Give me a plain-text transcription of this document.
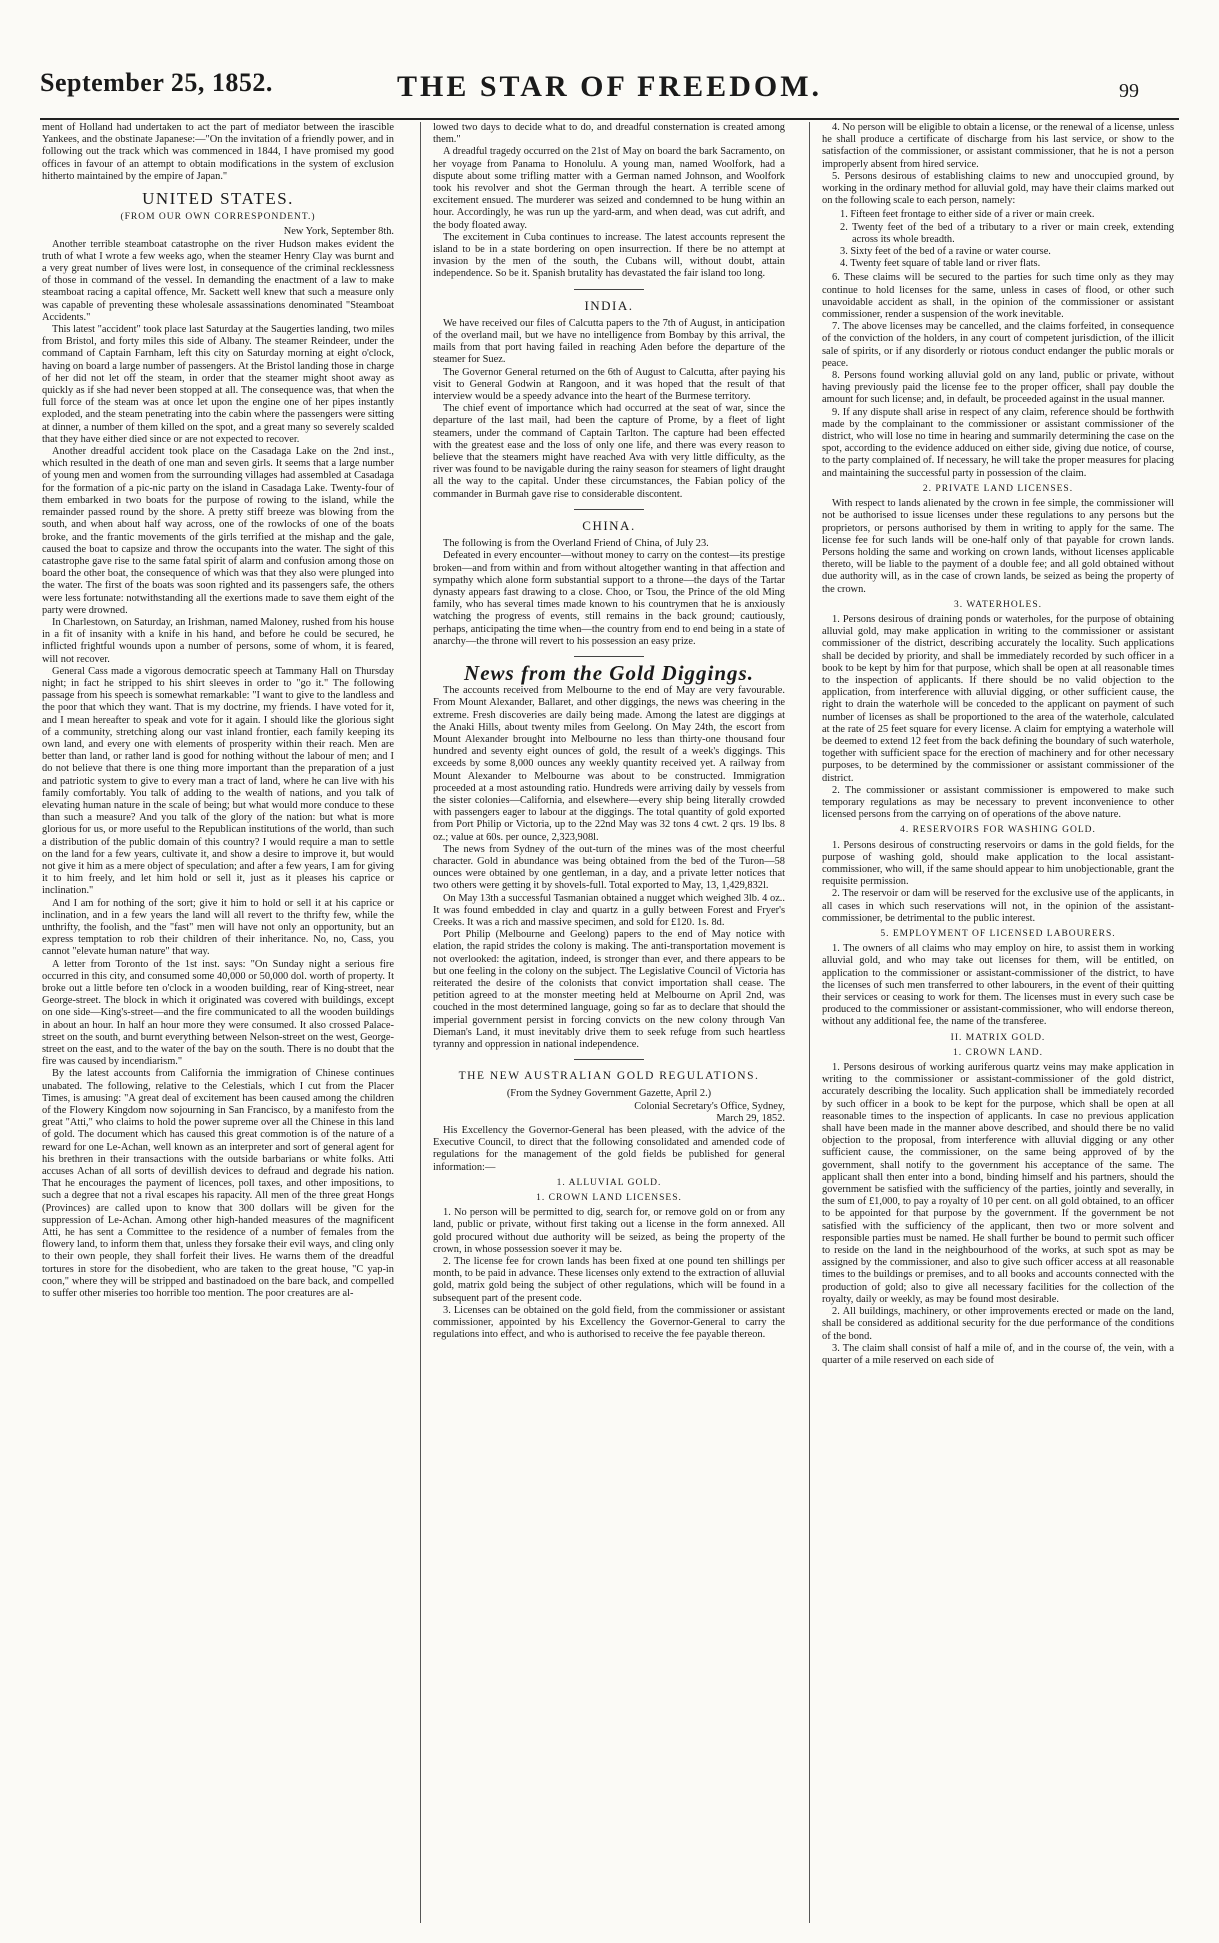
September 25, 1852.	THE STAR OF FREEDOM.	99

ment of Holland had undertaken to act the part of mediator between the irascible Yankees, and the obstinate Japanese:—"On the invitation of a friendly power, and in following out the track which was commenced in 1844, I have promised my good offices in favour of an attempt to obtain modifications in the system of exclusion hitherto maintained by the empire of Japan."

UNITED STATES.
(FROM OUR OWN CORRESPONDENT.)

New York, September 8th.

Another terrible steamboat catastrophe on the river Hudson makes evident the truth of what I wrote a few weeks ago, when the steamer Henry Clay was burnt and a very great number of lives were lost, in consequence of the criminal recklessness of those in command of the vessel. In demanding the enactment of a law to make steamboat racing a capital offence, Mr. Sackett well knew that such a measure only was capable of preventing these wholesale assassinations denominated "Steamboat Accidents."

This latest "accident" took place last Saturday at the Saugerties landing, two miles from Bristol, and forty miles this side of Albany. The steamer Reindeer, under the command of Captain Farnham, left this city on Saturday morning at eight o'clock, having on board a large number of passengers. At the Bristol landing those in charge of her did not let off the steam, in order that the steamer might shoot away as quickly as if she had never been stopped at all. The consequence was, that when the full force of the steam was at once let upon the engine one of her pipes instantly exploded, and the steam penetrating into the cabin where the passengers were sitting at dinner, a number of them killed on the spot, and a great many so severely scalded that they have either died since or are not expected to recover.

Another dreadful accident took place on the Casadaga Lake on the 2nd inst., which resulted in the death of one man and seven girls. It seems that a large number of young men and women from the surrounding villages had assembled at Casadaga for the formation of a pic-nic party on the island in Casadaga Lake. Twenty-four of them embarked in two boats for the purpose of rowing to the island, while the remainder passed round by the shore. A pretty stiff breeze was blowing from the south, and when about half way across, one of the rowlocks of one of the boats broke, and the frantic movements of the girls terrified at the mishap and the gale, caused the boat to capsize and throw the occupants into the water. The sight of this catastrophe gave rise to the same fatal spirit of alarm and confusion among those on board the other boat, the consequence of which was that they also were plunged into the water. The first of the boats was soon righted and its passengers safe, the others were less fortunate: notwithstanding all the exertions made to save them eight of the party were drowned.

In Charlestown, on Saturday, an Irishman, named Maloney, rushed from his house in a fit of insanity with a knife in his hand, and before he could be secured, he inflicted frightful wounds upon a number of persons, some of whom, it is feared, will not recover.

General Cass made a vigorous democratic speech at Tammany Hall on Thursday night; in fact he stripped to his shirt sleeves in order to "go it." The following passage from his speech is somewhat remarkable: "I want to give to the landless and the poor that which they want. That is my doctrine, my friends. I have voted for it, and I mean hereafter to speak and vote for it again. I should like the glorious sight of a community, stretching along our vast inland frontier, each family keeping its own land, and every one with elements of prosperity within their reach. Men are better than land, or rather land is good for nothing without the labour of men; and I do not believe that there is one thing more important than the preparation of a just and patriotic system to give to every man a tract of land, where he can live with his family comfortably. You talk of adding to the wealth of nations, and you talk of elevating human nature in the scale of being; but what would more conduce to these than such a measure? And you talk of the glory of the nation: but what is more glorious for us, or more useful to the Republican institutions of the world, than such a distribution of the public domain of this country? I would require a man to settle on the land for a few years, cultivate it, and show a desire to improve it, but would not give it him as a mere object of speculation; and after a few years, I am for giving it to him freely, and let him hold or sell it, just as it pleases his caprice or inclination."

And I am for nothing of the sort; give it him to hold or sell it at his caprice or inclination, and in a few years the land will all revert to the thrifty few, while the unthrifty, the foolish, and the "fast" men will have not only an opportunity, but an express temptation to rob their children of their inheritance. No, no, Cass, you cannot "elevate human nature" that way.

A letter from Toronto of the 1st inst. says: "On Sunday night a serious fire occurred in this city, and consumed some 40,000 or 50,000 dol. worth of property. It broke out a little before ten o'clock in a wooden building, rear of King-street, near George-street. The block in which it originated was covered with buildings, except on one side—King's-street—and the fire communicated to all the wooden buildings in about an hour. In half an hour more they were consumed. It also crossed Palace-street on the south, and burnt everything between Nelson-street on the west, George-street on the east, and to the water of the bay on the south. There is no doubt that the fire was caused by incendiarism."

By the latest accounts from California the immigration of Chinese continues unabated. The following, relative to the Celestials, which I cut from the Placer Times, is amusing: "A great deal of excitement has been caused among the children of the Flowery Kingdom now sojourning in San Francisco, by a manifesto from the great "Atti," who claims to hold the power supreme over all the Chinese in this land of gold. The document which has caused this great commotion is of the nature of a reward for one Le-Achan, well known as an interpreter and sort of general agent for his brethren in their transactions with the outside barbarians or white folks. Atti accuses Achan of all sorts of devillish devices to defraud and degrade his nation. That he encourages the payment of licences, poll taxes, and other impositions, to such a degree that not a rival escapes his rapacity. All men of the three great Hongs (Provinces) are called upon to know that 300 dollars will be given for the suppression of Le-Achan. Among other high-handed measures of the magnificent Atti, he has sent a Committee to the residence of a number of females from the flowery land, to inform them that, unless they forsake their evil ways, and cling only to their own people, they shall forfeit their lives. He warns them of the dreadful tortures in store for the disobedient, who are taken to the great house, "C yap-in coon," where they will be stripped and bastinadoed on the bare back, and compelled to suffer other miseries too horrible too mention. The poor creatures are al-

lowed two days to decide what to do, and dreadful consternation is created among them."

A dreadful tragedy occurred on the 21st of May on board the bark Sacramento, on her voyage from Panama to Honolulu. A young man, named Woolfork, had a dispute about some trifling matter with a German named Johnson, and Woolfork took his revolver and shot the German through the heart. A terrible scene of excitement ensued. The murderer was seized and condemned to be hung within an hour. Accordingly, he was run up the yard-arm, and when dead, was cut adrift, and the body floated away.

The excitement in Cuba continues to increase. The latest accounts represent the island to be in a state bordering on open insurrection. If there be no attempt at invasion by the men of the south, the Cubans will, without doubt, attain independence. So be it. Spanish brutality has devastated the fair island too long.

INDIA.

We have received our files of Calcutta papers to the 7th of August, in anticipation of the overland mail, but we have no intelligence from Bombay by this arrival, the mails from that port having failed in reaching Aden before the departure of the steamer for Suez.

The Governor General returned on the 6th of August to Calcutta, after paying his visit to General Godwin at Rangoon, and it was hoped that the result of that interview would be a speedy advance into the heart of the Burmese territory.

The chief event of importance which had occurred at the seat of war, since the departure of the last mail, had been the capture of Prome, by a fleet of light steamers, under the command of Captain Tarlton. The capture had been effected with the greatest ease and the loss of only one life, and there was every reason to believe that the steamers might have reached Ava with very little difficulty, as the river was found to be navigable during the rainy season for steamers of light draught all the way to the capital. Under these circumstances, the Fabian policy of the commander in Burmah gave rise to considerable discontent.

CHINA.

The following is from the Overland Friend of China, of July 23.

Defeated in every encounter—without money to carry on the contest—its prestige broken—and from within and from without altogether wanting in that affection and sympathy which alone form substantial support to a throne—the days of the Tartar dynasty appears fast drawing to a close. Choo, or Tsou, the Prince of the old Ming family, who has several times made known to his countrymen that he is anxiously watching the progress of events, still remains in the back ground; cautiously, perhaps, anticipating the time when—the country from end to end being in a state of anarchy—the throne will revert to his possession an easy prize.

News from the Gold Diggings.

The accounts received from Melbourne to the end of May are very favourable. From Mount Alexander, Ballaret, and other diggings, the news was cheering in the extreme. Fresh discoveries are daily being made. Among the latest are diggings at the Anaki Hills, about twenty miles from Geelong. On May 24th, the escort from Mount Alexander brought into Melbourne no less than thirty-one thousand four hundred and seventy eight ounces of gold, the result of a week's diggings. This exceeds by some 8,000 ounces any weekly quantity received yet. A railway from Mount Alexander to Melbourne was about to be constructed. Immigration proceeded at a most astounding ratio. Hundreds were arriving daily by vessels from the sister colonies—California, and elsewhere—every ship being literally crowded with passengers eager to labour at the diggings. The total quantity of gold exported from Port Philip or Victoria, up to the 22nd May was 32 tons 4 cwt. 2 qrs. 19 lbs. 8 oz.; value at 60s. per ounce, 2,323,908l.

The news from Sydney of the out-turn of the mines was of the most cheerful character. Gold in abundance was being obtained from the bed of the Turon—58 ounces were obtained by one gentleman, in a day, and a private letter notices that two others were getting it by shovels-full. Total exported to May, 13, 1,429,832l.

On May 13th a successful Tasmanian obtained a nugget which weighed 3lb. 4 oz.. It was found embedded in clay and quartz in a gully between Forest and Fryer's Creeks. It was a rich and massive specimen, and sold for £120. 1s. 8d.

Port Philip (Melbourne and Geelong) papers to the end of May notice with elation, the rapid strides the colony is making. The anti-transportation movement is not overlooked: the agitation, indeed, is stronger than ever, and there appears to be but one feeling in the colony on the subject. The Legislative Council of Victoria has reiterated the desire of the colonists that convict importation shall cease. The petition agreed to at the monster meeting held at Melbourne on April 2nd, was couched in the most determined language, going so far as to declare that should the imperial government persist in forcing convicts on the new colony through Van Dieman's Land, it must inevitably drive them to seek refuge from such heartless tyranny and oppression in national independence.

THE NEW AUSTRALIAN GOLD REGULATIONS.

(From the Sydney Government Gazette, April 2.)

Colonial Secretary's Office, Sydney,

March 29, 1852.

His Excellency the Governor-General has been pleased, with the advice of the Executive Council, to direct that the following consolidated and amended code of regulations for the management of the gold fields be published for general information:—

1. ALLUVIAL GOLD.
1. CROWN LAND LICENSES.

1. No person will be permitted to dig, search for, or remove gold on or from any land, public or private, without first taking out a license in the form annexed. All gold procured without due authority will be seized, as being the property of the crown, in whose possession soever it may be.

2. The license fee for crown lands has been fixed at one pound ten shillings per month, to be paid in advance. These licenses only extend to the extraction of alluvial gold, matrix gold being the subject of other regulations, which will be found in a subsequent part of the present code.

3. Licenses can be obtained on the gold field, from the commissioner or assistant commissioner, appointed by his Excellency the Governor-General to carry the regulations into effect, and who is authorised to receive the fee payable thereon.

4. No person will be eligible to obtain a license, or the renewal of a license, unless he shall produce a certificate of discharge from his last service, or show to the satisfaction of the commissioner, or assistant commissioner, that he is not a person improperly absent from hired service.

5. Persons desirous of establishing claims to new and unoccupied ground, by working in the ordinary method for alluvial gold, may have their claims marked out on the following scale to each person, namely:

1. Fifteen feet frontage to either side of a river or main creek.
2. Twenty feet of the bed of a tributary to a river or main creek, extending across its whole breadth.
3. Sixty feet of the bed of a ravine or water course.
4. Twenty feet square of table land or river flats.

6. These claims will be secured to the parties for such time only as they may continue to hold licenses for the same, unless in cases of flood, or other such unavoidable accident as shall, in the opinion of the commissioner or assistant commissioner, render a suspension of the work inevitable.

7. The above licenses may be cancelled, and the claims forfeited, in consequence of the conviction of the holders, in any court of competent jurisdiction, of the illicit sale of spirits, or if any disorderly or riotous conduct endanger the public morals or peace.

8. Persons found working alluvial gold on any land, public or private, without having previously paid the license fee to the proper officer, shall pay double the amount for such license; and, in default, be proceeded against in the usual manner.

9. If any dispute shall arise in respect of any claim, reference should be forthwith made by the complainant to the commissioner or assistant commissioner of the district, who will lose no time in hearing and summarily determining the case on the spot, according to the evidence adduced on either side, giving due notice, of course, to the party complained of. If necessary, he will take the proper measures for placing and maintaining the successful party in possession of the claim.

2. PRIVATE LAND LICENSES.

With respect to lands alienated by the crown in fee simple, the commissioner will not be authorised to issue licenses under these regulations to any persons but the proprietors, or persons authorised by them in writing to apply for the same. The license fee for such lands will be one-half only of that payable for crown lands. Persons holding the same and working on crown lands, without licenses applicable thereto, will be liable to the payment of a double fee; and all gold obtained without due authority will, as in the case of crown lands, be seized as being the property of the crown.

3. WATERHOLES.

1. Persons desirous of draining ponds or waterholes, for the purpose of obtaining alluvial gold, may make application in writing to the commissioner or assistant commissioner of the district, describing accurately the locality. Such applications shall be decided by priority, and shall be immediately recorded by such officer in a book to be kept by him for that purpose, which shall be open at all reasonable times to the inspection of applicants. If there should be no valid objection to the application, from interference with alluvial digging, or other sufficient cause, the right to drain the waterhole will be conceded to the applicant on payment of such number of licenses as shall be proportioned to the area of the waterhole, calculated at the rate of 25 feet square for every license. A claim for emptying a waterhole will be deemed to extend 12 feet from the back defining the boundary of such waterhole, together with sufficient space for the erection of machinery and for other necessary purposes, to be determined by the commissioner or assistant commissioner of the district.

2. The commissioner or assistant commissioner is empowered to make such temporary regulations as may be necessary to prevent inconvenience to other licensed persons from the carrying on of operations of the above nature.

4. RESERVOIRS FOR WASHING GOLD.

1. Persons desirous of constructing reservoirs or dams in the gold fields, for the purpose of washing gold, should make application to the local assistant-commissioner, who will, if the same should appear to him unobjectionable, grant the requisite permission.

2. The reservoir or dam will be reserved for the exclusive use of the applicants, in all cases in which such reservations will not, in the opinion of the assistant-commissioner, be detrimental to the public interest.

5. EMPLOYMENT OF LICENSED LABOURERS.

1. The owners of all claims who may employ on hire, to assist them in working alluvial gold, and who may take out licenses for them, will be entitled, on application to the commissioner or assistant-commissioner of the district, to have the licenses of such men transferred to other labourers, in the event of their quitting their services or ceasing to work for them. The licenses must in every such case be produced to the commissioner or assistant-commissioner, who will endorse thereon, without any additional fee, the name of the transferee.

II. MATRIX GOLD.
1. CROWN LAND.

1. Persons desirous of working auriferous quartz veins may make application in writing to the commissioner or assistant-commissioner of the gold district, accurately describing the locality. Such application shall be immediately recorded by such officer in a book to be kept for the purpose, which shall be open at all reasonable times to the inspection of applicants. In case no previous application shall have been made in the manner above described, and should there be no valid objection to the proposal, from interference with alluvial digging or any other sufficient cause, the commissioner, on the same being approved of by the government, shall notify to the government his acceptance of the same. The applicant shall then enter into a bond, binding himself and his partners, should the government be satisfied with the sufficiency of the parties, jointly and severally, in the sum of £1,000, to pay a royalty of 10 per cent. on all gold obtained, to an officer to be appointed for that purpose by the government. If the government be not satisfied with the sufficiency of the applicant, then two or more solvent and responsible parties must be named. He shall further be bound to permit such officer to reside on the land in the neighbourhood of the works, at such spot as may be assigned by the commissioner, and also to give such officer access at all reasonable times to the buildings or premises, and to all books and accounts connected with the production of gold; also to give all necessary facilities for the collection of the royalty, daily or weekly, as may be found most desirable.

2. All buildings, machinery, or other improvements erected or made on the land, shall be considered as additional security for the due performance of the conditions of the bond.

3. The claim shall consist of half a mile of, and in the course of, the vein, with a quarter of a mile reserved on each side of
